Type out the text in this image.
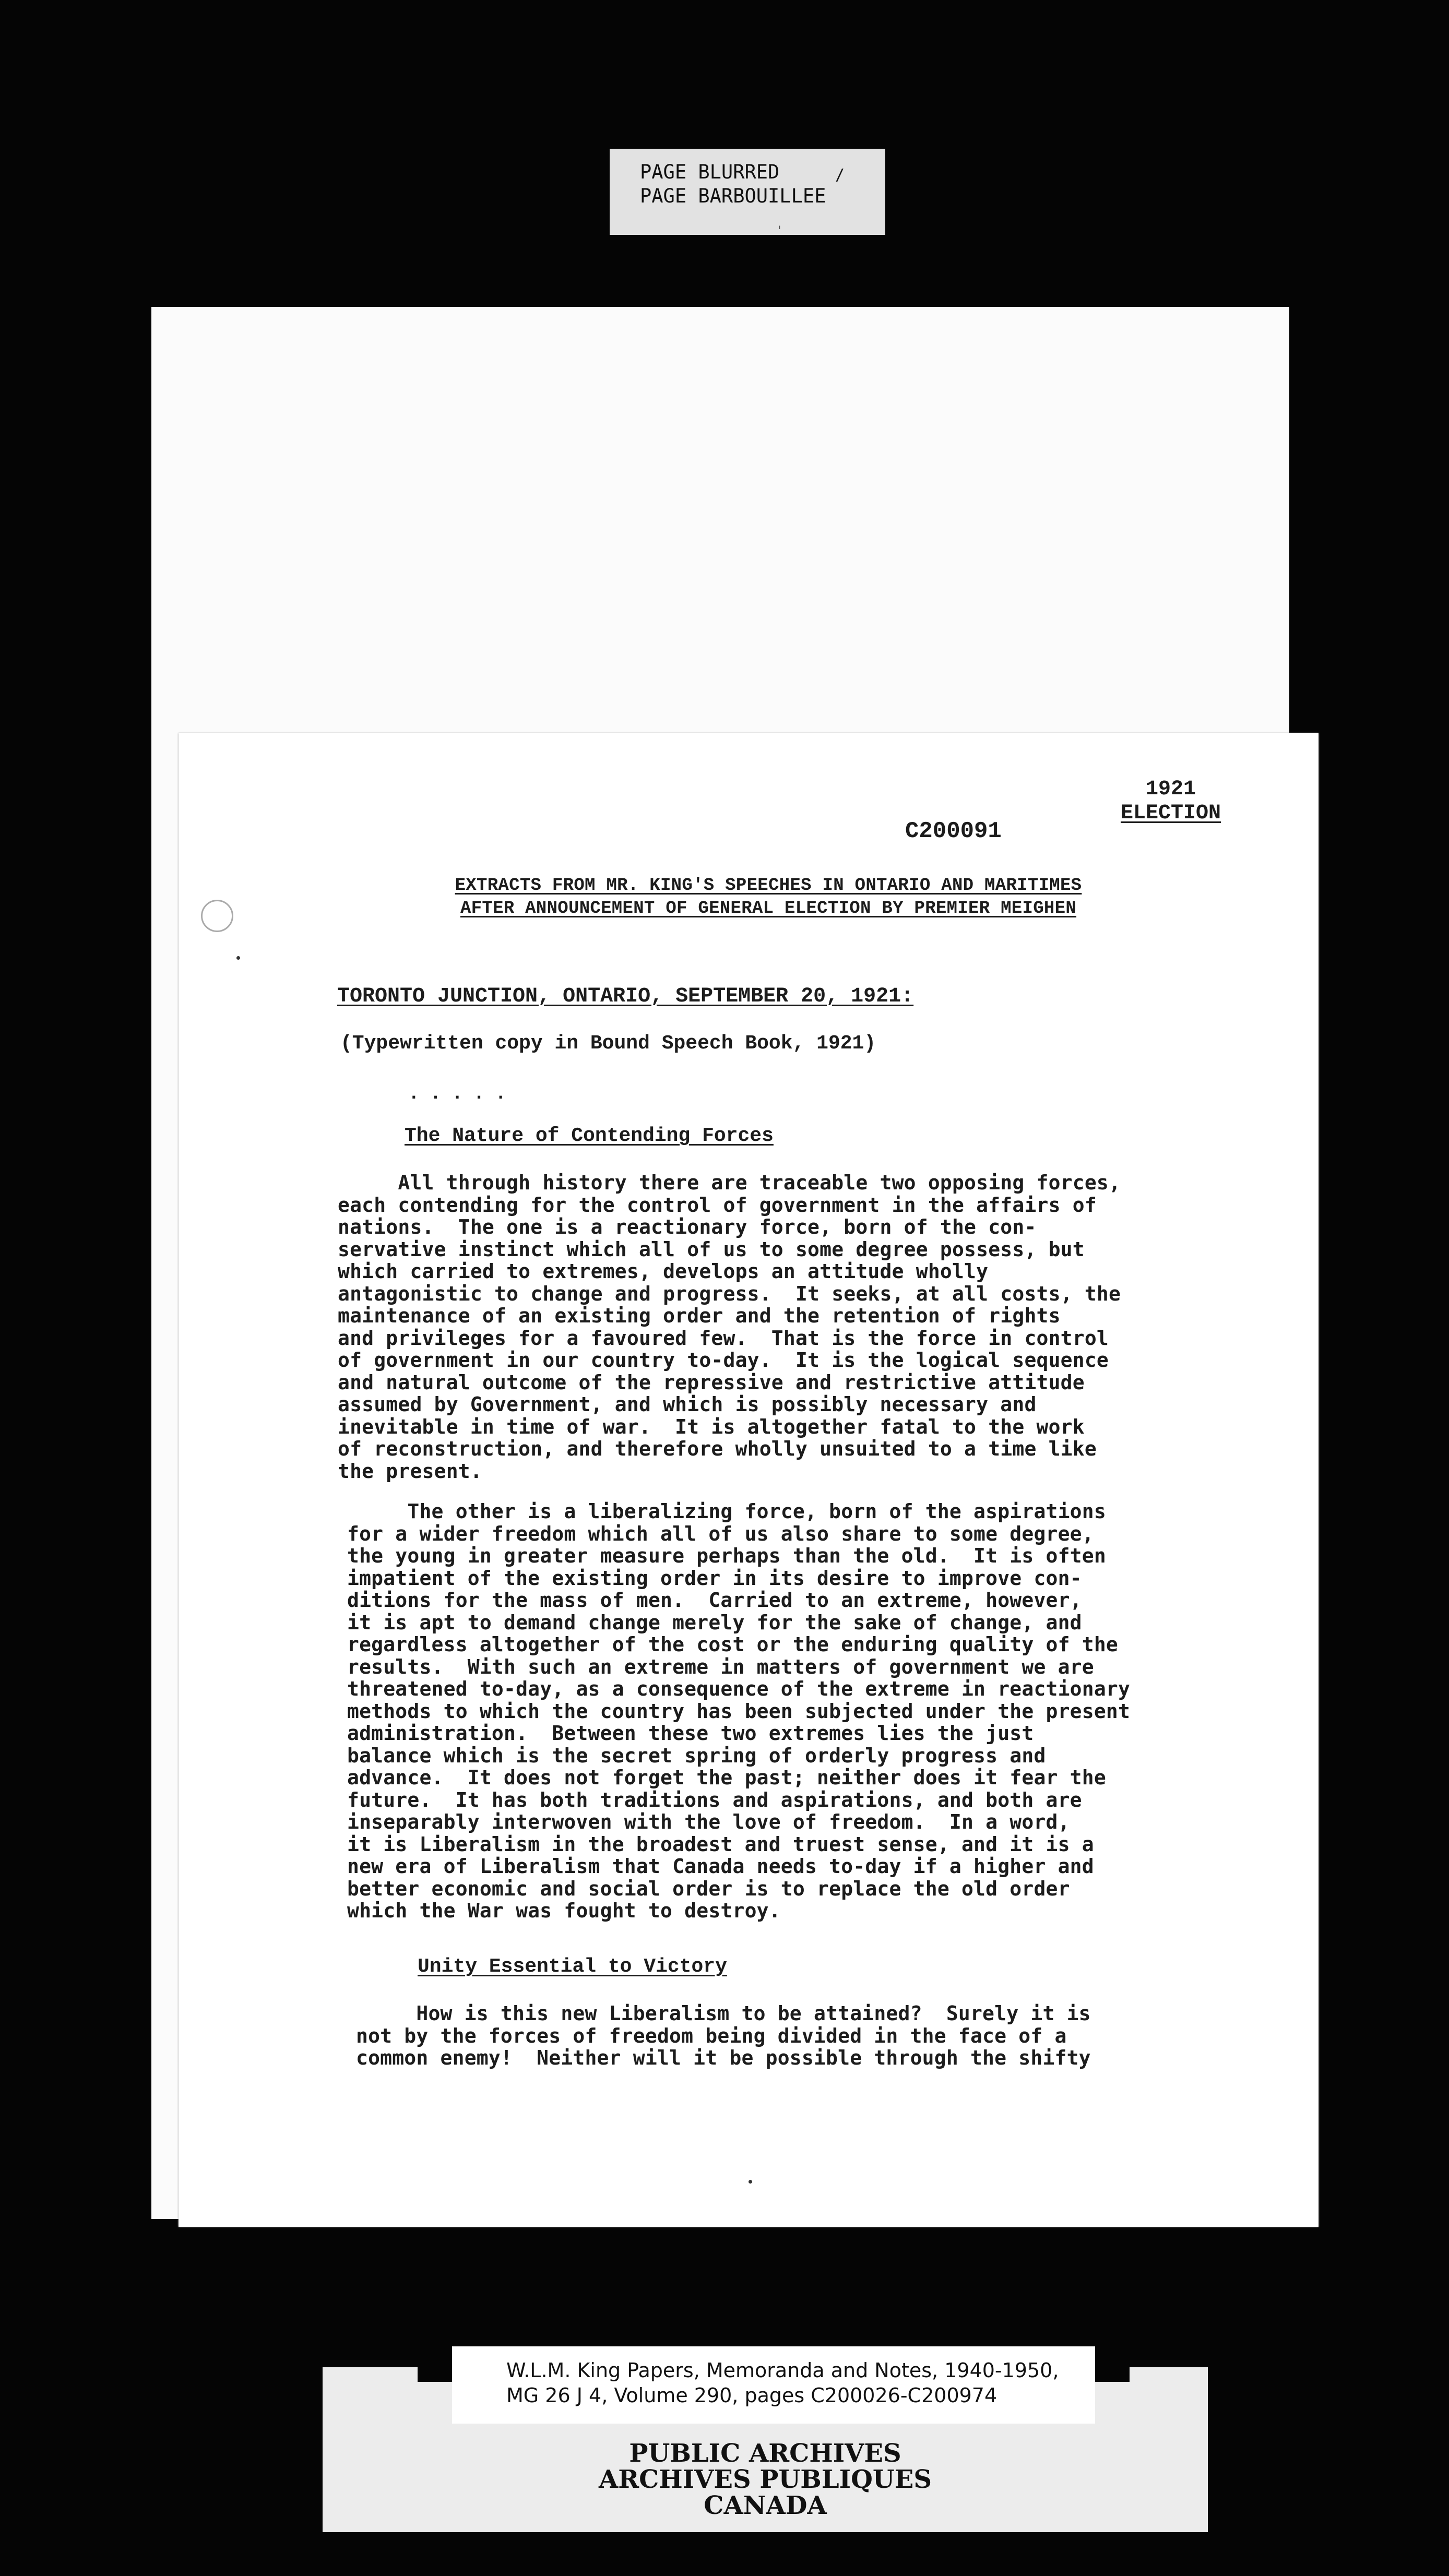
PAGE BLURRED
PAGE BARBOUILLEE
/
'
1921
ELECTION
C200091
EXTRACTS FROM MR. KING'S SPEECHES IN ONTARIO AND MARITIMES
AFTER ANNOUNCEMENT OF GENERAL ELECTION BY PREMIER MEIGHEN
TORONTO JUNCTION, ONTARIO, SEPTEMBER 20, 1921:
(Typewritten copy in Bound Speech Book, 1921)
.....
The Nature of Contending Forces
All through history there are traceable two opposing forces,
each contending for the control of government in the affairs of
nations.  The one is a reactionary force, born of the con-
servative instinct which all of us to some degree possess, but
which carried to extremes, develops an attitude wholly
antagonistic to change and progress.  It seeks, at all costs, the
maintenance of an existing order and the retention of rights
and privileges for a favoured few.  That is the force in control
of government in our country to-day.  It is the logical sequence
and natural outcome of the repressive and restrictive attitude
assumed by Government, and which is possibly necessary and
inevitable in time of war.  It is altogether fatal to the work
of reconstruction, and therefore wholly unsuited to a time like
the present.
The other is a liberalizing force, born of the aspirations
for a wider freedom which all of us also share to some degree,
the young in greater measure perhaps than the old.  It is often
impatient of the existing order in its desire to improve con-
ditions for the mass of men.  Carried to an extreme, however,
it is apt to demand change merely for the sake of change, and
regardless altogether of the cost or the enduring quality of the
results.  With such an extreme in matters of government we are
threatened to-day, as a consequence of the extreme in reactionary
methods to which the country has been subjected under the present
administration.  Between these two extremes lies the just
balance which is the secret spring of orderly progress and
advance.  It does not forget the past; neither does it fear the
future.  It has both traditions and aspirations, and both are
inseparably interwoven with the love of freedom.  In a word,
it is Liberalism in the broadest and truest sense, and it is a
new era of Liberalism that Canada needs to-day if a higher and
better economic and social order is to replace the old order
which the War was fought to destroy.
Unity Essential to Victory
How is this new Liberalism to be attained?  Surely it is
not by the forces of freedom being divided in the face of a
common enemy!  Neither will it be possible through the shifty
W.L.M. King Papers, Memoranda and Notes, 1940-1950,
MG 26 J 4, Volume 290, pages C200026-C200974
PUBLIC ARCHIVES
ARCHIVES PUBLIQUES
CANADA
